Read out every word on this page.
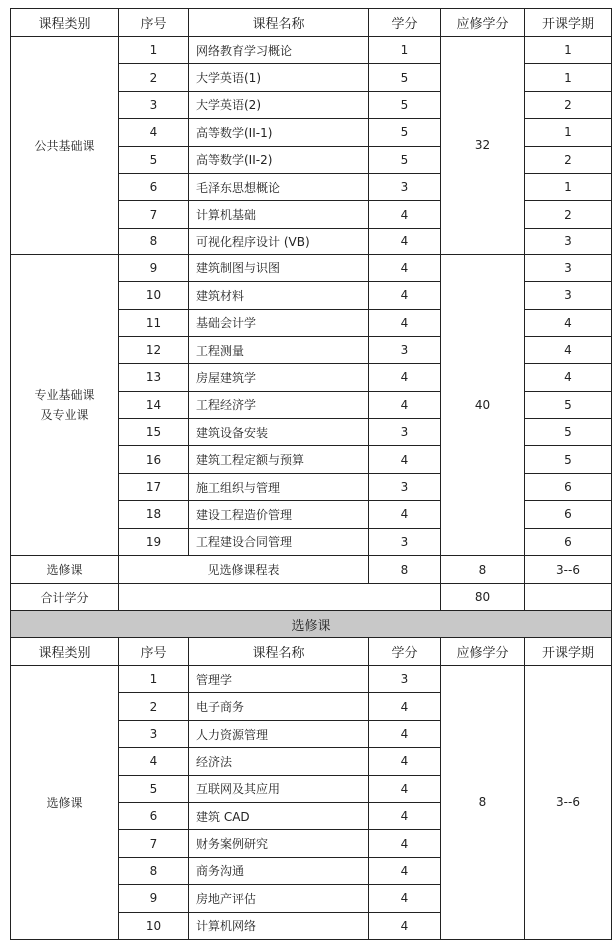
课程类别	序号	课程名称	学分	应修学分	开课学期
公共基础课	1	网络教育学习概论	1	32	1
	2	大学英语(1)	5		1
	3	大学英语(2)	5		2
	4	高等数学(II-1)	5		1
	5	高等数学(II-2)	5		2
	6	毛泽东思想概论	3		1
	7	计算机基础	4		2
	8	可视化程序设计 (VB)	4		3
专业基础课
及专业课	9	建筑制图与识图	4	40	3
	10	建筑材料	4		3
	11	基础会计学	4		4
	12	工程测量	3		4
	13	房屋建筑学	4		4
	14	工程经济学	4		5
	15	建筑设备安装	3		5
	16	建筑工程定额与预算	4		5
	17	施工组织与管理	3		6
	18	建设工程造价管理	4		6
	19	工程建设合同管理	3		6
选修课	见选修课程表		8	8	3--6
合计学分				80	
选修课					
课程类别	序号	课程名称	学分	应修学分	开课学期
选修课	1	管理学	3	8	3--6
	2	电子商务	4		
	3	人力资源管理	4		
	4	经济法	4		
	5	互联网及其应用	4		
	6	建筑 CAD	4		
	7	财务案例研究	4		
	8	商务沟通	4		
	9	房地产评估	4		
	10	计算机网络	4		
